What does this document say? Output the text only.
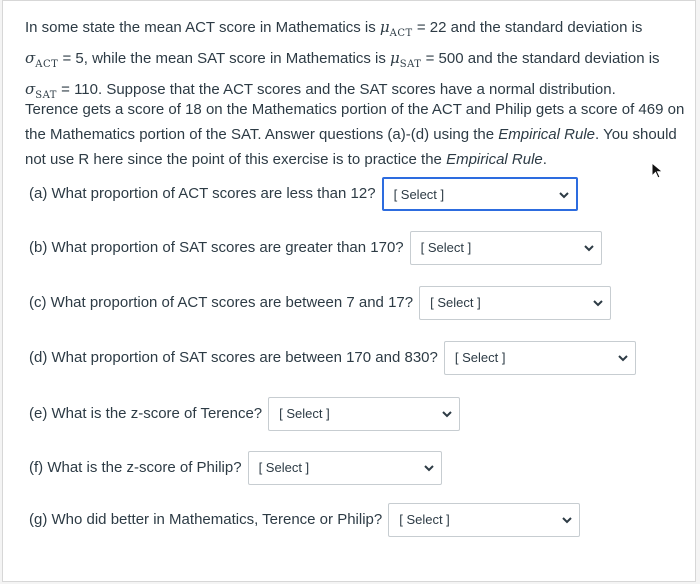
In some state the mean ACT score in Mathematics is $\mu_{ACT} = 22$ and the standard deviation is
$\sigma_{ACT} = 5$, while the mean SAT score in Mathematics is $\mu_{SAT} = 500$ and the standard deviation is
$\sigma_{SAT} = 110$. Suppose that the ACT scores and the SAT scores have a normal distribution.

Terence gets a score of 18 on the Mathematics portion of the ACT and Philip gets a score of 469 on the Mathematics portion of the SAT. Answer questions (a)-(d) using the Empirical Rule. You should not use R here since the point of this exercise is to practice the Empirical Rule.

(a) What proportion of ACT scores are less than 12? [ Select ]
(b) What proportion of SAT scores are greater than 170? [ Select ]
(c) What proportion of ACT scores are between 7 and 17? [ Select ]
(d) What proportion of SAT scores are between 170 and 830? [ Select ]
(e) What is the z-score of Terence? [ Select ]
(f) What is the z-score of Philip? [ Select ]
(g) Who did better in Mathematics, Terence or Philip? [ Select ]
